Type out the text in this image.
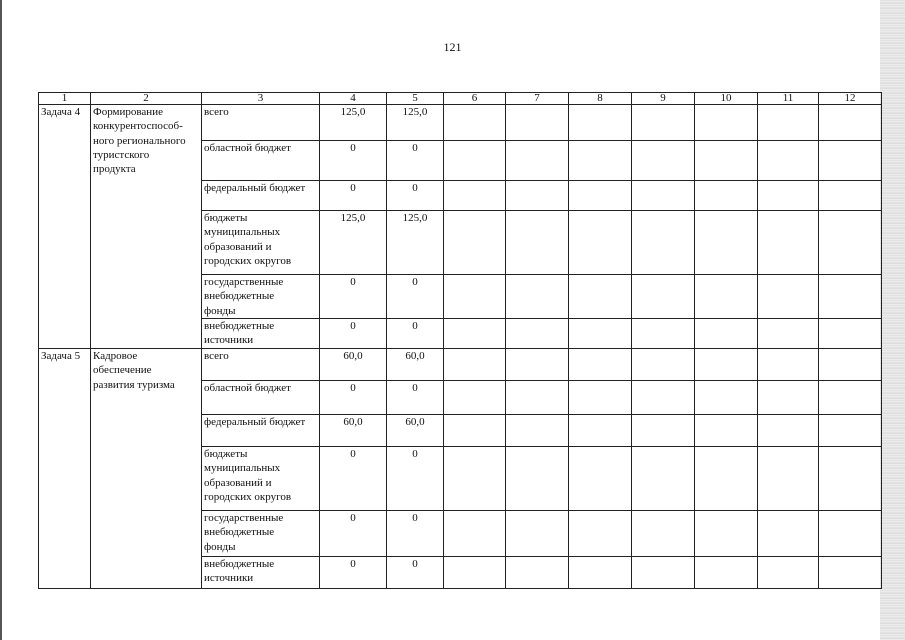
121
1	2	3	4	5	6	7	8	9	10	11	12
Задача 4	Формирование
конкурентоспособ-
ного регионального
туристского
продукта	всего	125,0	125,0							

		областной бюджет	0	0							

		федеральный бюджет	0	0							

		бюджеты
муниципальных
образований и
городских округов	125,0	125,0							

		государственные
внебюджетные
фонды	0	0							

		внебюджетные
источники	0	0							
Задача 5	Кадровое
обеспечение
развития туризма	всего	60,0	60,0							

		областной бюджет	0	0							

		федеральный бюджет	60,0	60,0							

		бюджеты
муниципальных
образований и
городских округов	0	0							

		государственные
внебюджетные
фонды	0	0							

		внебюджетные
источники	0	0							
